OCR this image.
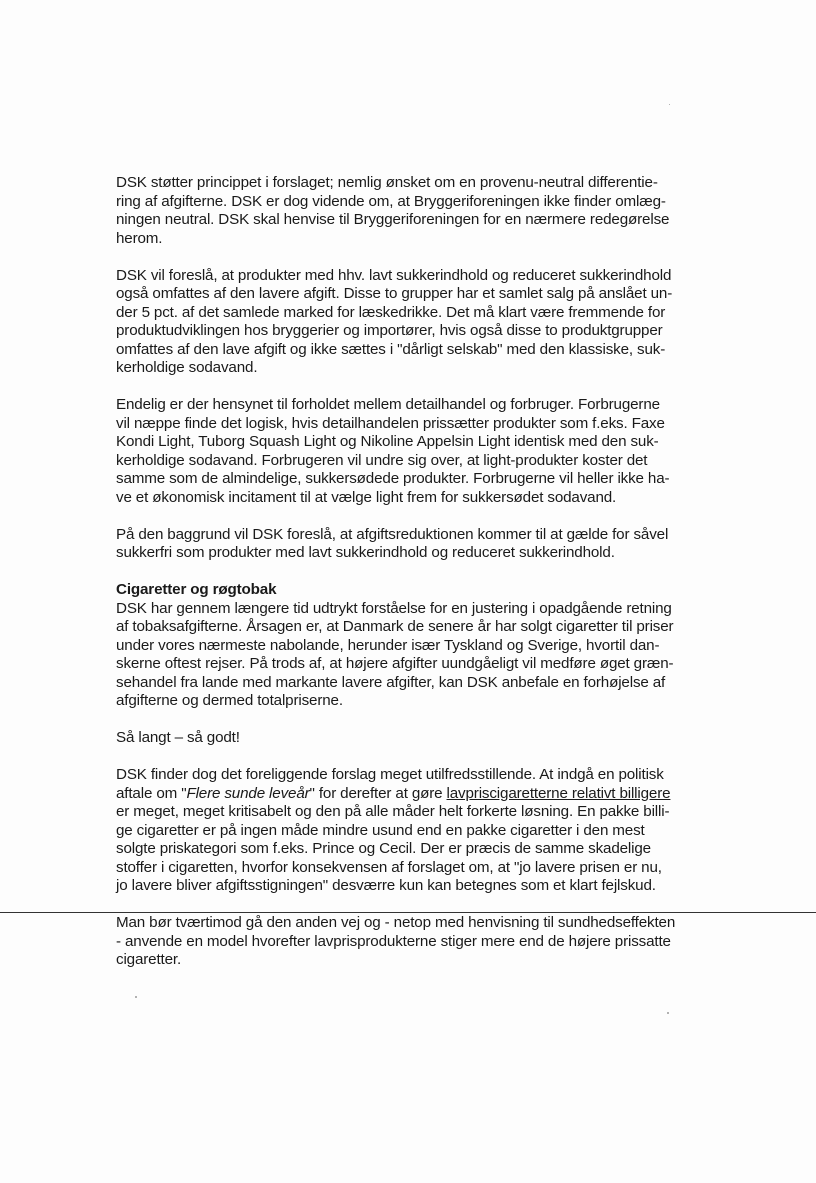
DSK støtter princippet i forslaget; nemlig ønsket om en provenu-neutral differentie-
ring af afgifterne. DSK er dog vidende om, at Bryggeriforeningen ikke finder omlæg-
ningen neutral. DSK skal henvise til Bryggeriforeningen for en nærmere redegørelse
herom.
DSK vil foreslå, at produkter med hhv. lavt sukkerindhold og reduceret sukkerindhold
også omfattes af den lavere afgift. Disse to grupper har et samlet salg på anslået un-
der 5 pct. af det samlede marked for læskedrikke. Det må klart være fremmende for
produktudviklingen hos bryggerier og importører, hvis også disse to produktgrupper
omfattes af den lave afgift og ikke sættes i "dårligt selskab" med den klassiske, suk-
kerholdige sodavand.
Endelig er der hensynet til forholdet mellem detailhandel og forbruger. Forbrugerne
vil næppe finde det logisk, hvis detailhandelen prissætter produkter som f.eks. Faxe
Kondi Light, Tuborg Squash Light og Nikoline Appelsin Light identisk med den suk-
kerholdige sodavand. Forbrugeren vil undre sig over, at light-produkter koster det
samme som de almindelige, sukkersødede produkter. Forbrugerne vil heller ikke ha-
ve et økonomisk incitament til at vælge light frem for sukkersødet sodavand.
På den baggrund vil DSK foreslå, at afgiftsreduktionen kommer til at gælde for såvel
sukkerfri som produkter med lavt sukkerindhold og reduceret sukkerindhold.
Cigaretter og røgtobak
DSK har gennem længere tid udtrykt forståelse for en justering i opadgående retning
af tobaksafgifterne. Årsagen er, at Danmark de senere år har solgt cigaretter til priser
under vores nærmeste nabolande, herunder især Tyskland og Sverige, hvortil dan-
skerne oftest rejser. På trods af, at højere afgifter uundgåeligt vil medføre øget græn-
sehandel fra lande med markante lavere afgifter, kan DSK anbefale en forhøjelse af
afgifterne og dermed totalpriserne.
Så langt – så godt!
DSK finder dog det foreliggende forslag meget utilfredsstillende. At indgå en politisk
aftale om "Flere sunde leveår" for derefter at gøre lavpriscigaretterne relativt billigere
er meget, meget kritisabelt og den på alle måder helt forkerte løsning. En pakke billi-
ge cigaretter er på ingen måde mindre usund end en pakke cigaretter i den mest
solgte priskategori som f.eks. Prince og Cecil. Der er præcis de samme skadelige
stoffer i cigaretten, hvorfor konsekvensen af forslaget om, at "jo lavere prisen er nu,
jo lavere bliver afgiftsstigningen" desværre kun kan betegnes som et klart fejlskud.
Man bør tværtimod gå den anden vej og - netop med henvisning til sundhedseffekten
- anvende en model hvorefter lavprisprodukterne stiger mere end de højere prissatte
cigaretter.
